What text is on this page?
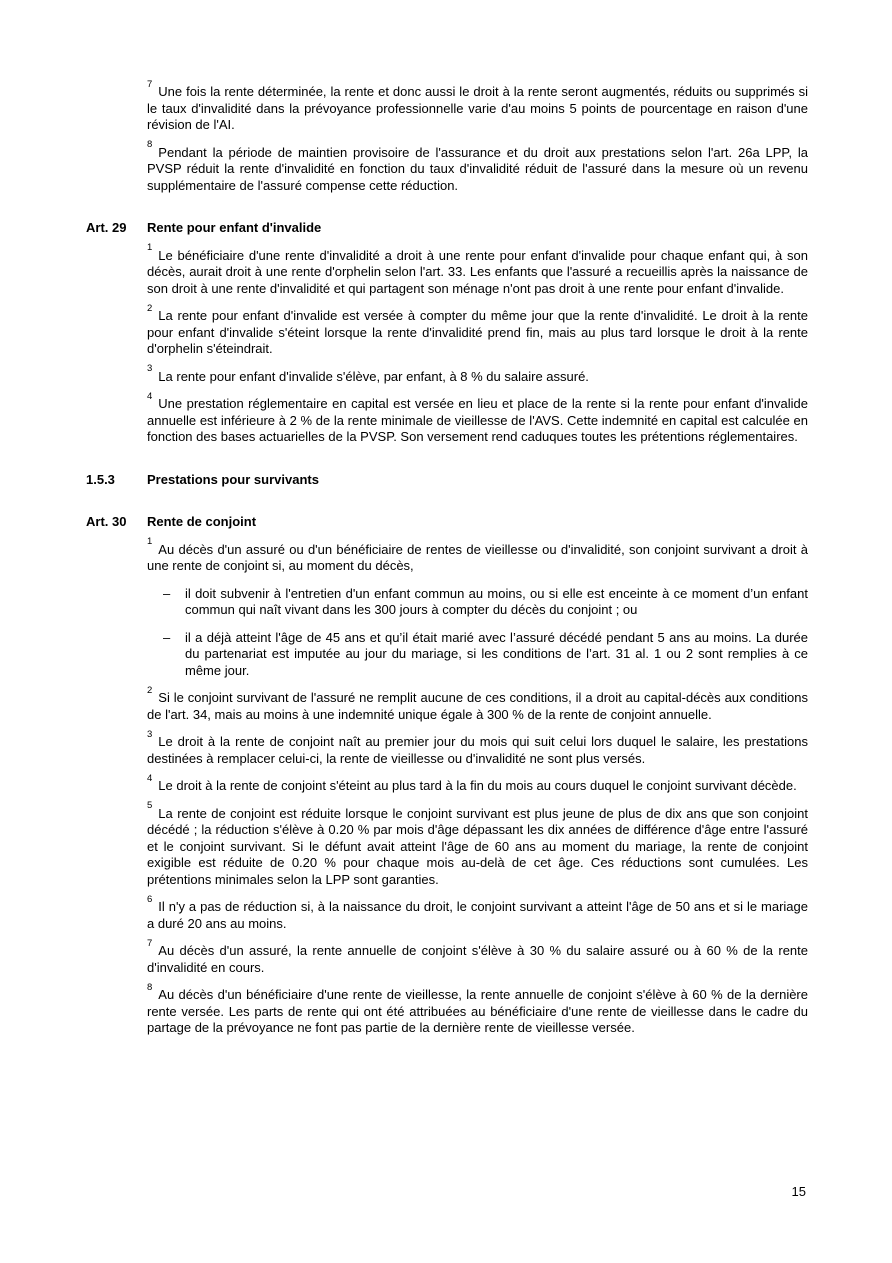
$^7$ Une fois la rente déterminée, la rente et donc aussi le droit à la rente seront augmentés, réduits ou supprimés si le taux d'invalidité dans la prévoyance professionnelle varie d'au moins 5 points de pourcentage en raison d'une révision de l'AI.

$^8$ Pendant la période de maintien provisoire de l'assurance et du droit aux prestations selon l'art. 26a LPP, la PVSP réduit la rente d'invalidité en fonction du taux d'invalidité réduit de l'assuré dans la mesure où un revenu supplémentaire de l'assuré compense cette réduction.

Art. 29	Rente pour enfant d'invalide

$^1$ Le bénéficiaire d'une rente d'invalidité a droit à une rente pour enfant d'invalide pour chaque enfant qui, à son décès, aurait droit à une rente d'orphelin selon l'art. 33. Les enfants que l'assuré a recueillis après la naissance de son droit à une rente d'invalidité et qui partagent son ménage n'ont pas droit à une rente pour enfant d'invalide.

$^2$ La rente pour enfant d'invalide est versée à compter du même jour que la rente d'invalidité. Le droit à la rente pour enfant d'invalide s'éteint lorsque la rente d'invalidité prend fin, mais au plus tard lorsque le droit à la rente d'orphelin s'éteindrait.

$^3$ La rente pour enfant d'invalide s'élève, par enfant, à 8 % du salaire assuré.

$^4$ Une prestation réglementaire en capital est versée en lieu et place de la rente si la rente pour enfant d'invalide annuelle est inférieure à 2 % de la rente minimale de vieillesse de l'AVS. Cette indemnité en capital est calculée en fonction des bases actuarielles de la PVSP. Son versement rend caduques toutes les prétentions réglementaires.

1.5.3	Prestations pour survivants
Art. 30	Rente de conjoint

$^1$ Au décès d'un assuré ou d'un bénéficiaire de rentes de vieillesse ou d'invalidité, son conjoint survivant a droit à une rente de conjoint si, au moment du décès,

–	il doit subvenir à l'entretien d'un enfant commun au moins, ou si elle est enceinte à ce moment d’un enfant commun qui naît vivant dans les 300 jours à compter du décès du conjoint ; ou
–	il a déjà atteint l'âge de 45 ans et qu’il était marié avec l’assuré décédé pendant 5 ans au moins. La durée du partenariat est imputée au jour du mariage, si les conditions de l’art. 31 al. 1 ou 2 sont remplies à ce même jour.

$^2$ Si le conjoint survivant de l'assuré ne remplit aucune de ces conditions, il a droit au capital-décès aux conditions de l'art. 34, mais au moins à une indemnité unique égale à 300 % de la rente de conjoint annuelle.

$^3$ Le droit à la rente de conjoint naît au premier jour du mois qui suit celui lors duquel le salaire, les prestations destinées à remplacer celui-ci, la rente de vieillesse ou d'invalidité ne sont plus versés.

$^4$ Le droit à la rente de conjoint s'éteint au plus tard à la fin du mois au cours duquel le conjoint survivant décède.

$^5$ La rente de conjoint est réduite lorsque le conjoint survivant est plus jeune de plus de dix ans que son conjoint décédé ; la réduction s'élève à 0.20 % par mois d'âge dépassant les dix années de différence d'âge entre l'assuré et le conjoint survivant. Si le défunt avait atteint l'âge de 60 ans au moment du mariage, la rente de conjoint exigible est réduite de 0.20 % pour chaque mois au-delà de cet âge. Ces réductions sont cumulées. Les prétentions minimales selon la LPP sont garanties.

$^6$ Il n'y a pas de réduction si, à la naissance du droit, le conjoint survivant a atteint l'âge de 50 ans et si le mariage a duré 20 ans au moins.

$^7$ Au décès d'un assuré, la rente annuelle de conjoint s'élève à 30 % du salaire assuré ou à 60 % de la rente d'invalidité en cours.

$^8$ Au décès d'un bénéficiaire d'une rente de vieillesse, la rente annuelle de conjoint s'élève à 60 % de la dernière rente versée. Les parts de rente qui ont été attribuées au bénéficiaire d'une rente de vieillesse dans le cadre du partage de la prévoyance ne font pas partie de la dernière rente de vieillesse versée.

15
